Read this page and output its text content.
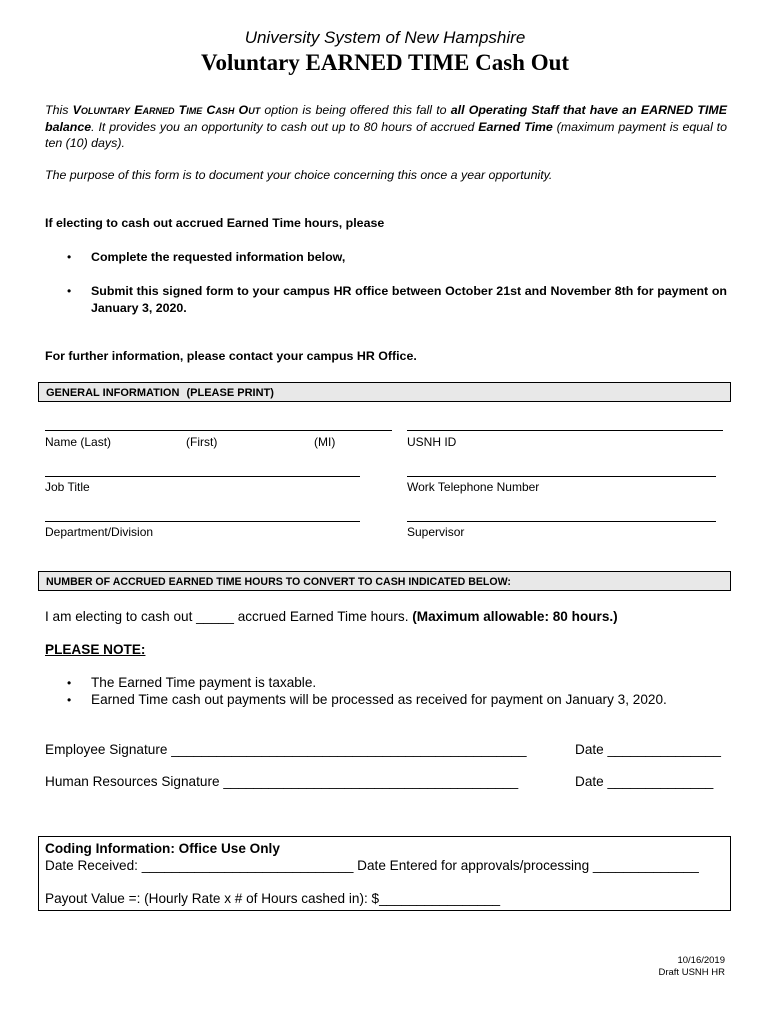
University System of New Hampshire
Voluntary EARNED TIME Cash Out
This Voluntary Earned Time Cash Out option is being offered this fall to all Operating Staff that have an EARNED TIME balance. It provides you an opportunity to cash out up to 80 hours of accrued Earned Time (maximum payment is equal to ten (10) days).
The purpose of this form is to document your choice concerning this once a year opportunity.
If electing to cash out accrued Earned Time hours, please
• Complete the requested information below,
• Submit this signed form to your campus HR office between October 21st and November 8th for payment on January 3, 2020.
For further information, please contact your campus HR Office.
GENERAL INFORMATION (PLEASE PRINT)
Name (Last)	(First)	(MI)	USNH ID
Job Title	Work Telephone Number
Department/Division	Supervisor
NUMBER OF ACCRUED EARNED TIME HOURS TO CONVERT TO CASH INDICATED BELOW:
I am electing to cash out _____ accrued Earned Time hours. (Maximum allowable: 80 hours.)
PLEASE NOTE:
• The Earned Time payment is taxable.
• Earned Time cash out payments will be processed as received for payment on January 3, 2020.
Employee Signature _______________________________________________	Date _______________
Human Resources Signature _______________________________________	Date ______________
Coding Information: Office Use Only
Date Received: ____________________________ Date Entered for approvals/processing ______________
Payout Value =: (Hourly Rate x # of Hours cashed in): $________________
10/16/2019
Draft USNH HR
